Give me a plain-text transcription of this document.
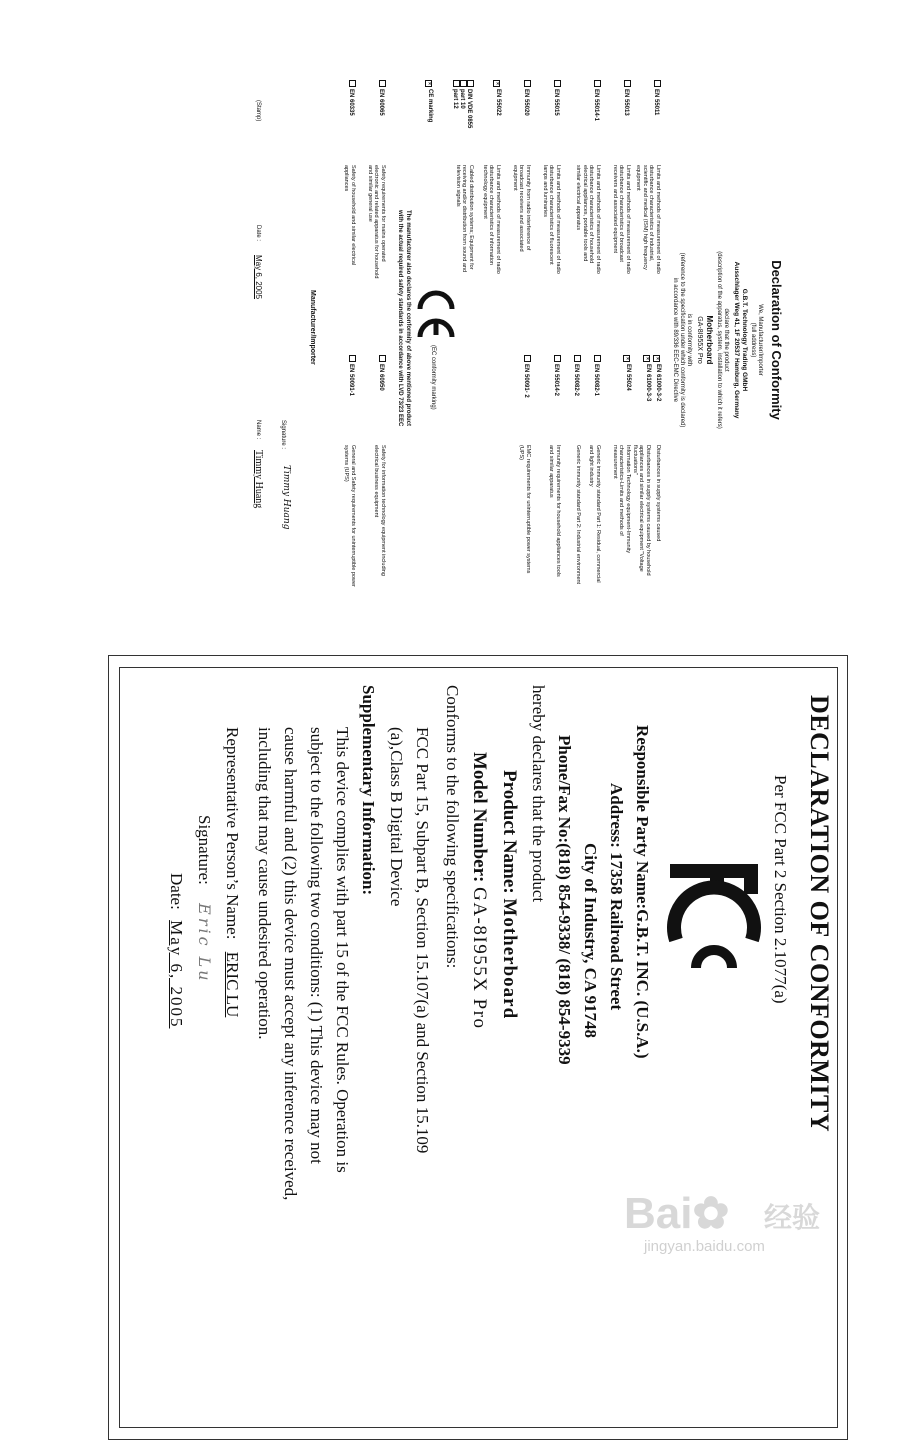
Declaration of Conformity
We, Manufacturer/Importer
(full address)
G.B.T. Technology Trading GMbH
Ausschlager Weg 41, 1F 20537 Hamburg, Germany
declare that the product
(description of the apparatus, system, installation to which it refers)
Motherboard
GA-8I955X Pro
is in conformity with
(reference to the specification under which conformity is declared)
in accordance with 89/336 EEC-EMC Directive
EN 55011
Limits and methods of measurement of radio disturbance characteristics of industrial, scientific and medical (ISM) high frequency equipment
EN 55013
Limits and methods of measurement of radio disturbance characteristics of broadcast receivers and associated equipment
EN 55014-1
Limits and methods of measurement of radio disturbance characteristics of household electrical appliances, portable tools and similar electrical apparatus
EN 55015
Limits and methods of measurement of radio disturbance characteristics of fluorescent lamps and luminaries
EN 55020
Immunity from radio interference of broadcast receivers and associated equipment
×EN 55022
Limits and methods of measurement of radio disturbance characteristics of information technology equipment
DIN VDE 0855
part 10
part 12
Cabled distribution systems; Equipment for receiving and/or distribution from sound and television signals
×EN 61000-3-2
Disturbances in supply systems caused
×EN 61000-3-3
Disturbances in supply systems caused by household appliances and similar electrical equipment "Voltage fluctuations"
×EN 55024
Information Technology equipment-Immunity characteristics-Limits and methods of measurement
EN 50082-1
Generic immunity standard Part 1: Residual, commercial and light industry
EN 50082-2
Generic immunity standard Part 2: Industrial environment
EN 55014-2
Immunity requirements for household appliances tools and similar apparatus
EN 50091- 2
EMC requirements for uninterruptible power systems (UPS)
×CE marking
(EC conformity marking)
The manufacturer also declares the conformity of above mentioned product
with the actual required safety standards in accordance with LVD 73/23 EEC
EN 60065
Safety requirements for mains operated electronic and related apparatus for household and similar general use
EN 60335
Safety of household and similar electrical appliances
EN 60950
Safety for information technology equipment including electrical business equipment
EN 50091-1
General and Safety requirements for uninterruptible power systems (UPS)
Manufacturer/Importer
Signature :
Timmy Huang
(Stamp)
Date :
May 6, 2005
Name :
Timmy Huang
DECLARATION OF CONFORMITY
Per FCC Part 2 Section 2.1077(a)
Responsible Party Name:G.B.T. INC. (U.S.A.)
Address: 17358 Railroad Street
City of Industry, CA 91748
Phone/Fax No:(818) 854-9338/ (818) 854-9339
hereby declares that the product
Product Name: Motherboard
Model Number: GA-8I955X Pro
Conforms to the following specifications:
FCC Part 15, Subpart B, Section 15.107(a) and Section 15.109
(a),Class B Digital Device
Supplementary Information:
This device complies with part 15 of the FCC Rules. Operation is
subject to the following two conditions: (1) This device may not
cause harmful and (2) this device must accept any inference received,
including that may cause undesired operation.
Representative Person’s Name: ERIC LU
Signature: Eric Lu
Date: May 6, 2005
Bai✿ 经验
jingyan.baidu.com
